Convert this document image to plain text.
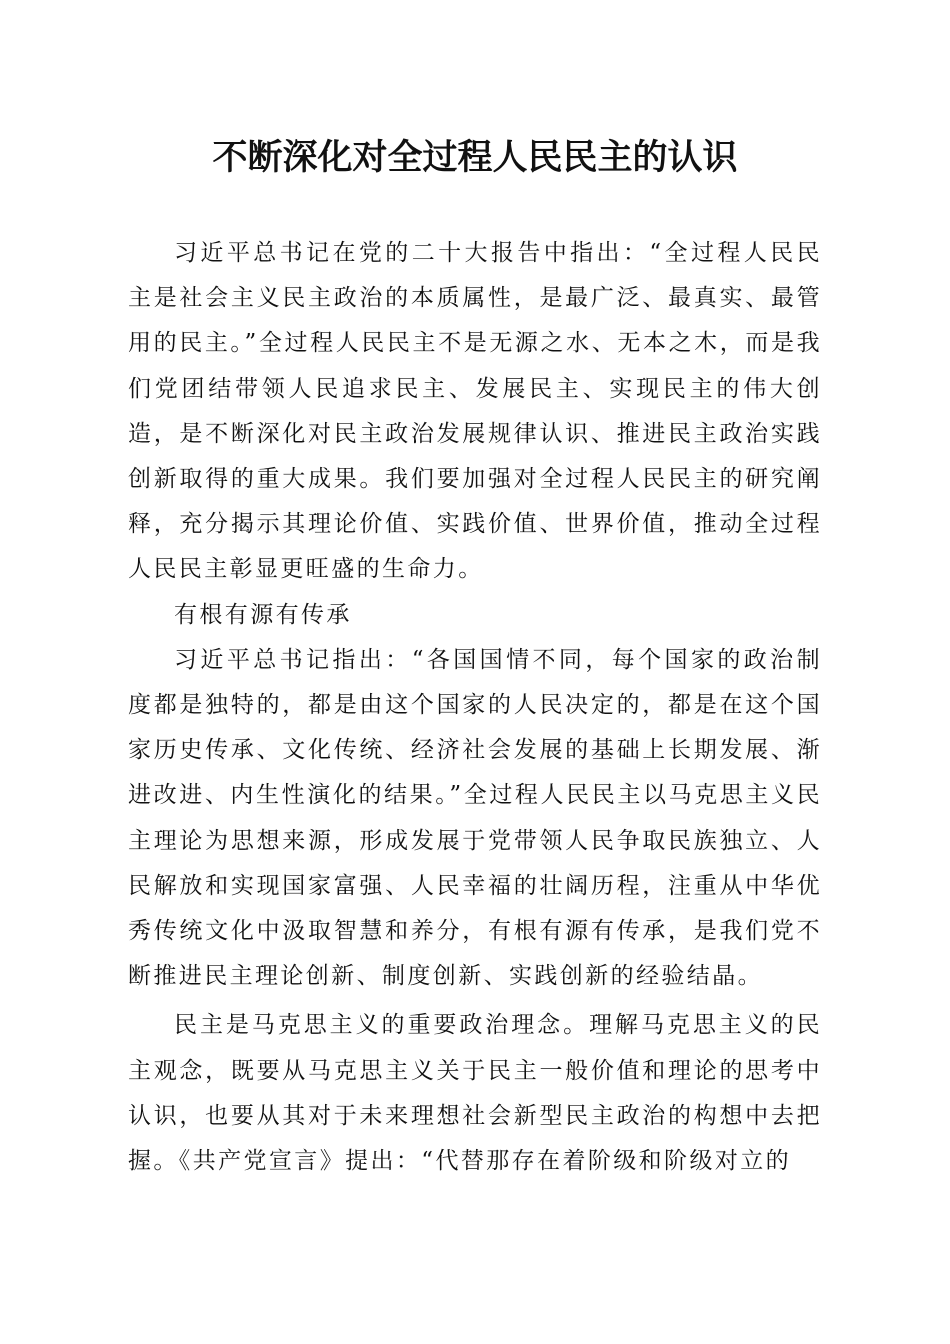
不断深化对全过程人民民主的认识

习近平总书记在党的二十大报告中指出：“全过程人民民主是社会主义民主政治的本质属性，是最广泛、最真实、最管用的民主。”全过程人民民主不是无源之水、无本之木，而是我们党团结带领人民追求民主、发展民主、实现民主的伟大创造，是不断深化对民主政治发展规律认识、推进民主政治实践创新取得的重大成果。我们要加强对全过程人民民主的研究阐释，充分揭示其理论价值、实践价值、世界价值，推动全过程人民民主彰显更旺盛的生命力。

有根有源有传承

习近平总书记指出：“各国国情不同，每个国家的政治制度都是独特的，都是由这个国家的人民决定的，都是在这个国家历史传承、文化传统、经济社会发展的基础上长期发展、渐进改进、内生性演化的结果。”全过程人民民主以马克思主义民主理论为思想来源，形成发展于党带领人民争取民族独立、人民解放和实现国家富强、人民幸福的壮阔历程，注重从中华优秀传统文化中汲取智慧和养分，有根有源有传承，是我们党不断推进民主理论创新、制度创新、实践创新的经验结晶。

民主是马克思主义的重要政治理念。理解马克思主义的民主观念，既要从马克思主义关于民主一般价值和理论的思考中认识，也要从其对于未来理想社会新型民主政治的构想中去把握。《共产党宣言》提出：“代替那存在着阶级和阶级对立的
